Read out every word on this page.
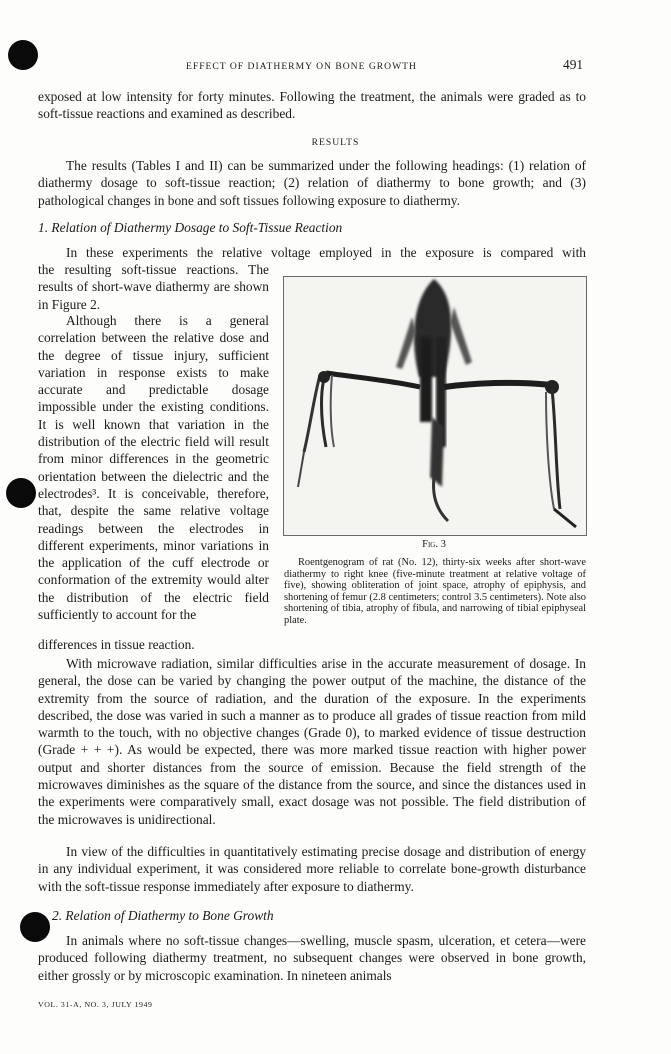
EFFECT OF DIATHERMY ON BONE GROWTH	491

exposed at low intensity for forty minutes. Following the treatment, the animals were graded as to soft-tissue reactions and examined as described.

RESULTS

The results (Tables I and II) can be summarized under the following headings: (1) relation of diathermy dosage to soft-tissue reaction; (2) relation of diathermy to bone growth; and (3) pathological changes in bone and soft tissues following exposure to diathermy.

1. Relation of Diathermy Dosage to Soft-Tissue Reaction

In these experiments the relative voltage employed in the exposure is compared with

the resulting soft-tissue reactions. The results of short-wave diathermy are shown in Figure 2.

Although there is a general correlation between the relative dose and the degree of tissue injury, sufficient variation in response exists to make accurate and predictable dosage impossible under the existing conditions. It is well known that variation in the distribution of the electric field will result from minor differences in the geometric orientation between the dielectric and the electrodes³. It is conceivable, therefore, that, despite the same relative voltage readings between the electrodes in different experiments, minor variations in the application of the cuff electrode or conformation of the extremity would alter the distribution of the electric field sufficiently to account for the

differences in tissue reaction.

Fig. 3
Roentgenogram of rat (No. 12), thirty-six weeks after short-wave diathermy to right knee (five-minute treatment at relative voltage of five), showing obliteration of joint space, atrophy of epiphysis, and shortening of femur (2.8 centimeters; control 3.5 centimeters). Note also shortening of tibia, atrophy of fibula, and narrowing of tibial epiphyseal plate.

With microwave radiation, similar difficulties arise in the accurate measurement of dosage. In general, the dose can be varied by changing the power output of the machine, the distance of the extremity from the source of radiation, and the duration of the exposure. In the experiments described, the dose was varied in such a manner as to produce all grades of tissue reaction from mild warmth to the touch, with no objective changes (Grade 0), to marked evidence of tissue destruction (Grade + + +). As would be expected, there was more marked tissue reaction with higher power output and shorter distances from the source of emission. Because the field strength of the microwaves diminishes as the square of the distance from the source, and since the distances used in the experiments were comparatively small, exact dosage was not possible. The field distribution of the microwaves is unidirectional.

In view of the difficulties in quantitatively estimating precise dosage and distribution of energy in any individual experiment, it was considered more reliable to correlate bone-growth disturbance with the soft-tissue response immediately after exposure to diathermy.

2. Relation of Diathermy to Bone Growth

In animals where no soft-tissue changes—swelling, muscle spasm, ulceration, et cetera—were produced following diathermy treatment, no subsequent changes were observed in bone growth, either grossly or by microscopic examination. In nineteen animals

VOL. 31-A, NO. 3, JULY 1949
